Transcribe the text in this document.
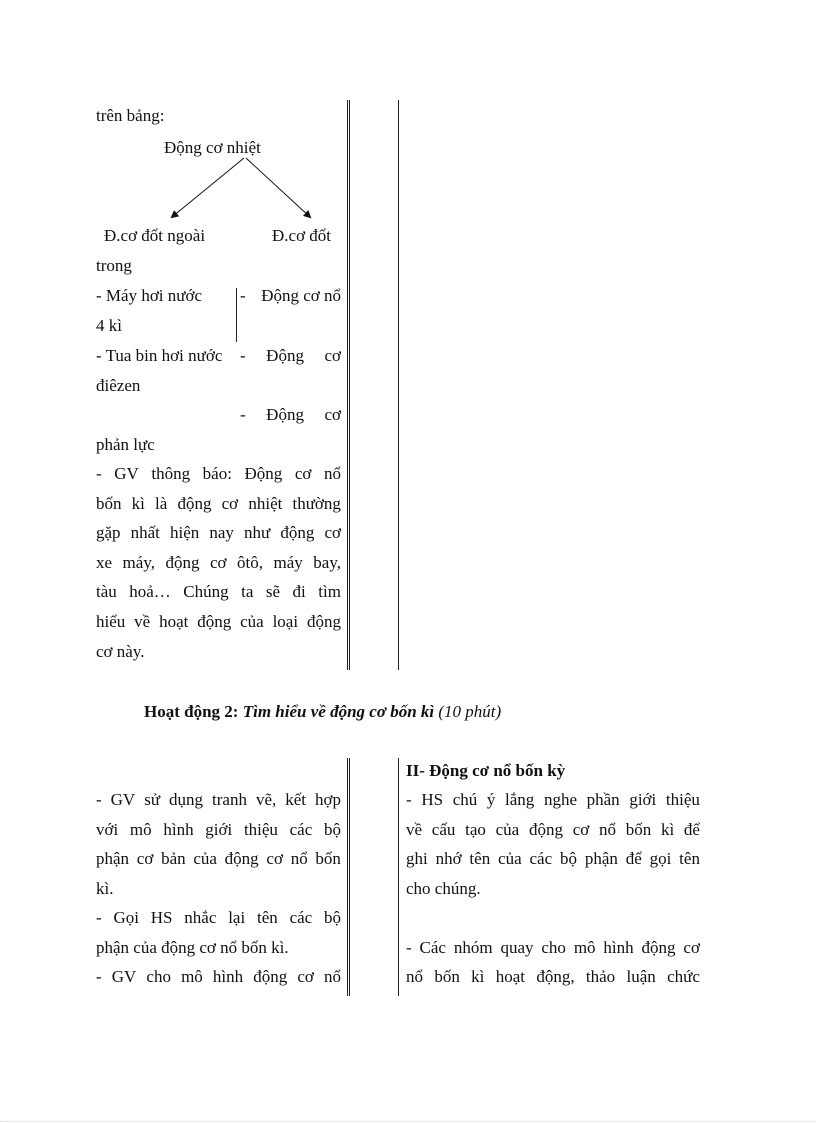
trên bảng:
Động cơ nhiệt
Đ.cơ đốt ngoài	Đ.cơ đốt
trong
- Máy hơi nước - Động cơ nổ
4 kì
- Tua bin hơi nước - Động cơ
điêzen
- Động cơ
phản lực
- GV thông báo: Động cơ nổ
bốn kì là động cơ nhiệt thường
gặp nhất hiện nay như động cơ
xe máy, động cơ ôtô, máy bay,
tàu hoả… Chúng ta sẽ đi tìm
hiểu về hoạt động của loại động
cơ này.
Hoạt động 2: Tìm hiểu về động cơ bốn kì (10 phút)
- GV sử dụng tranh vẽ, kết hợp
với mô hình giới thiệu các bộ
phận cơ bản của động cơ nổ bốn
kì.
- Gọi HS nhắc lại tên các bộ
phận của động cơ nổ bốn kì.
- GV cho mô hình động cơ nổ
II- Động cơ nổ bốn kỳ
- HS chú ý lắng nghe phần giới thiệu
về cấu tạo của động cơ nổ bốn kì để
ghi nhớ tên của các bộ phận để gọi tên
cho chúng.
- Các nhóm quay cho mô hình động cơ
nổ bốn kì hoạt động, thảo luận chức
